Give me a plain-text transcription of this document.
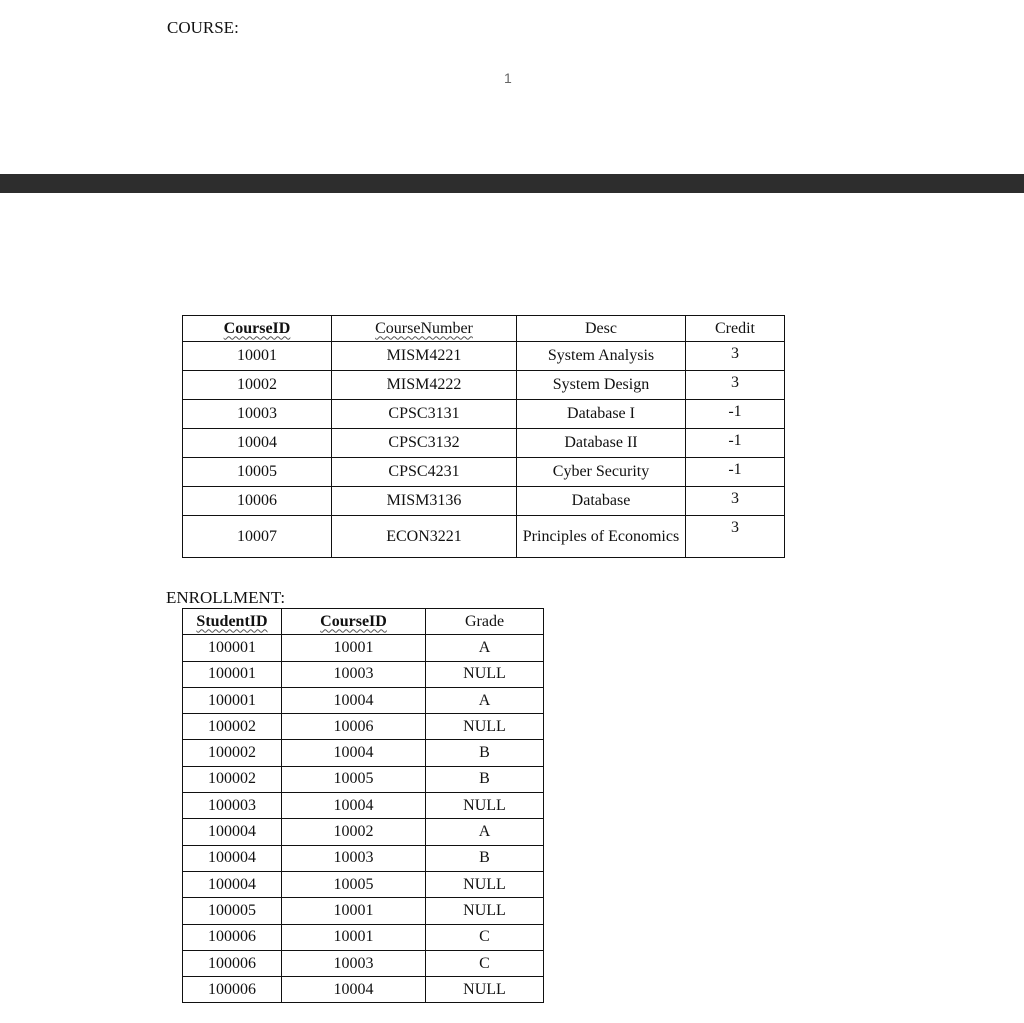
COURSE:
1
CourseID	CourseNumber	Desc	Credit
10001	MISM4221	System Analysis	3
10002	MISM4222	System Design	3
10003	CPSC3131	Database I	-1
10004	CPSC3132	Database II	-1
10005	CPSC4231	Cyber Security	-1
10006	MISM3136	Database	3
10007	ECON3221	Principles of Economics	3
ENROLLMENT:
StudentID	CourseID	Grade
100001	10001	A
100001	10003	NULL
100001	10004	A
100002	10006	NULL
100002	10004	B
100002	10005	B
100003	10004	NULL
100004	10002	A
100004	10003	B
100004	10005	NULL
100005	10001	NULL
100006	10001	C
100006	10003	C
100006	10004	NULL
